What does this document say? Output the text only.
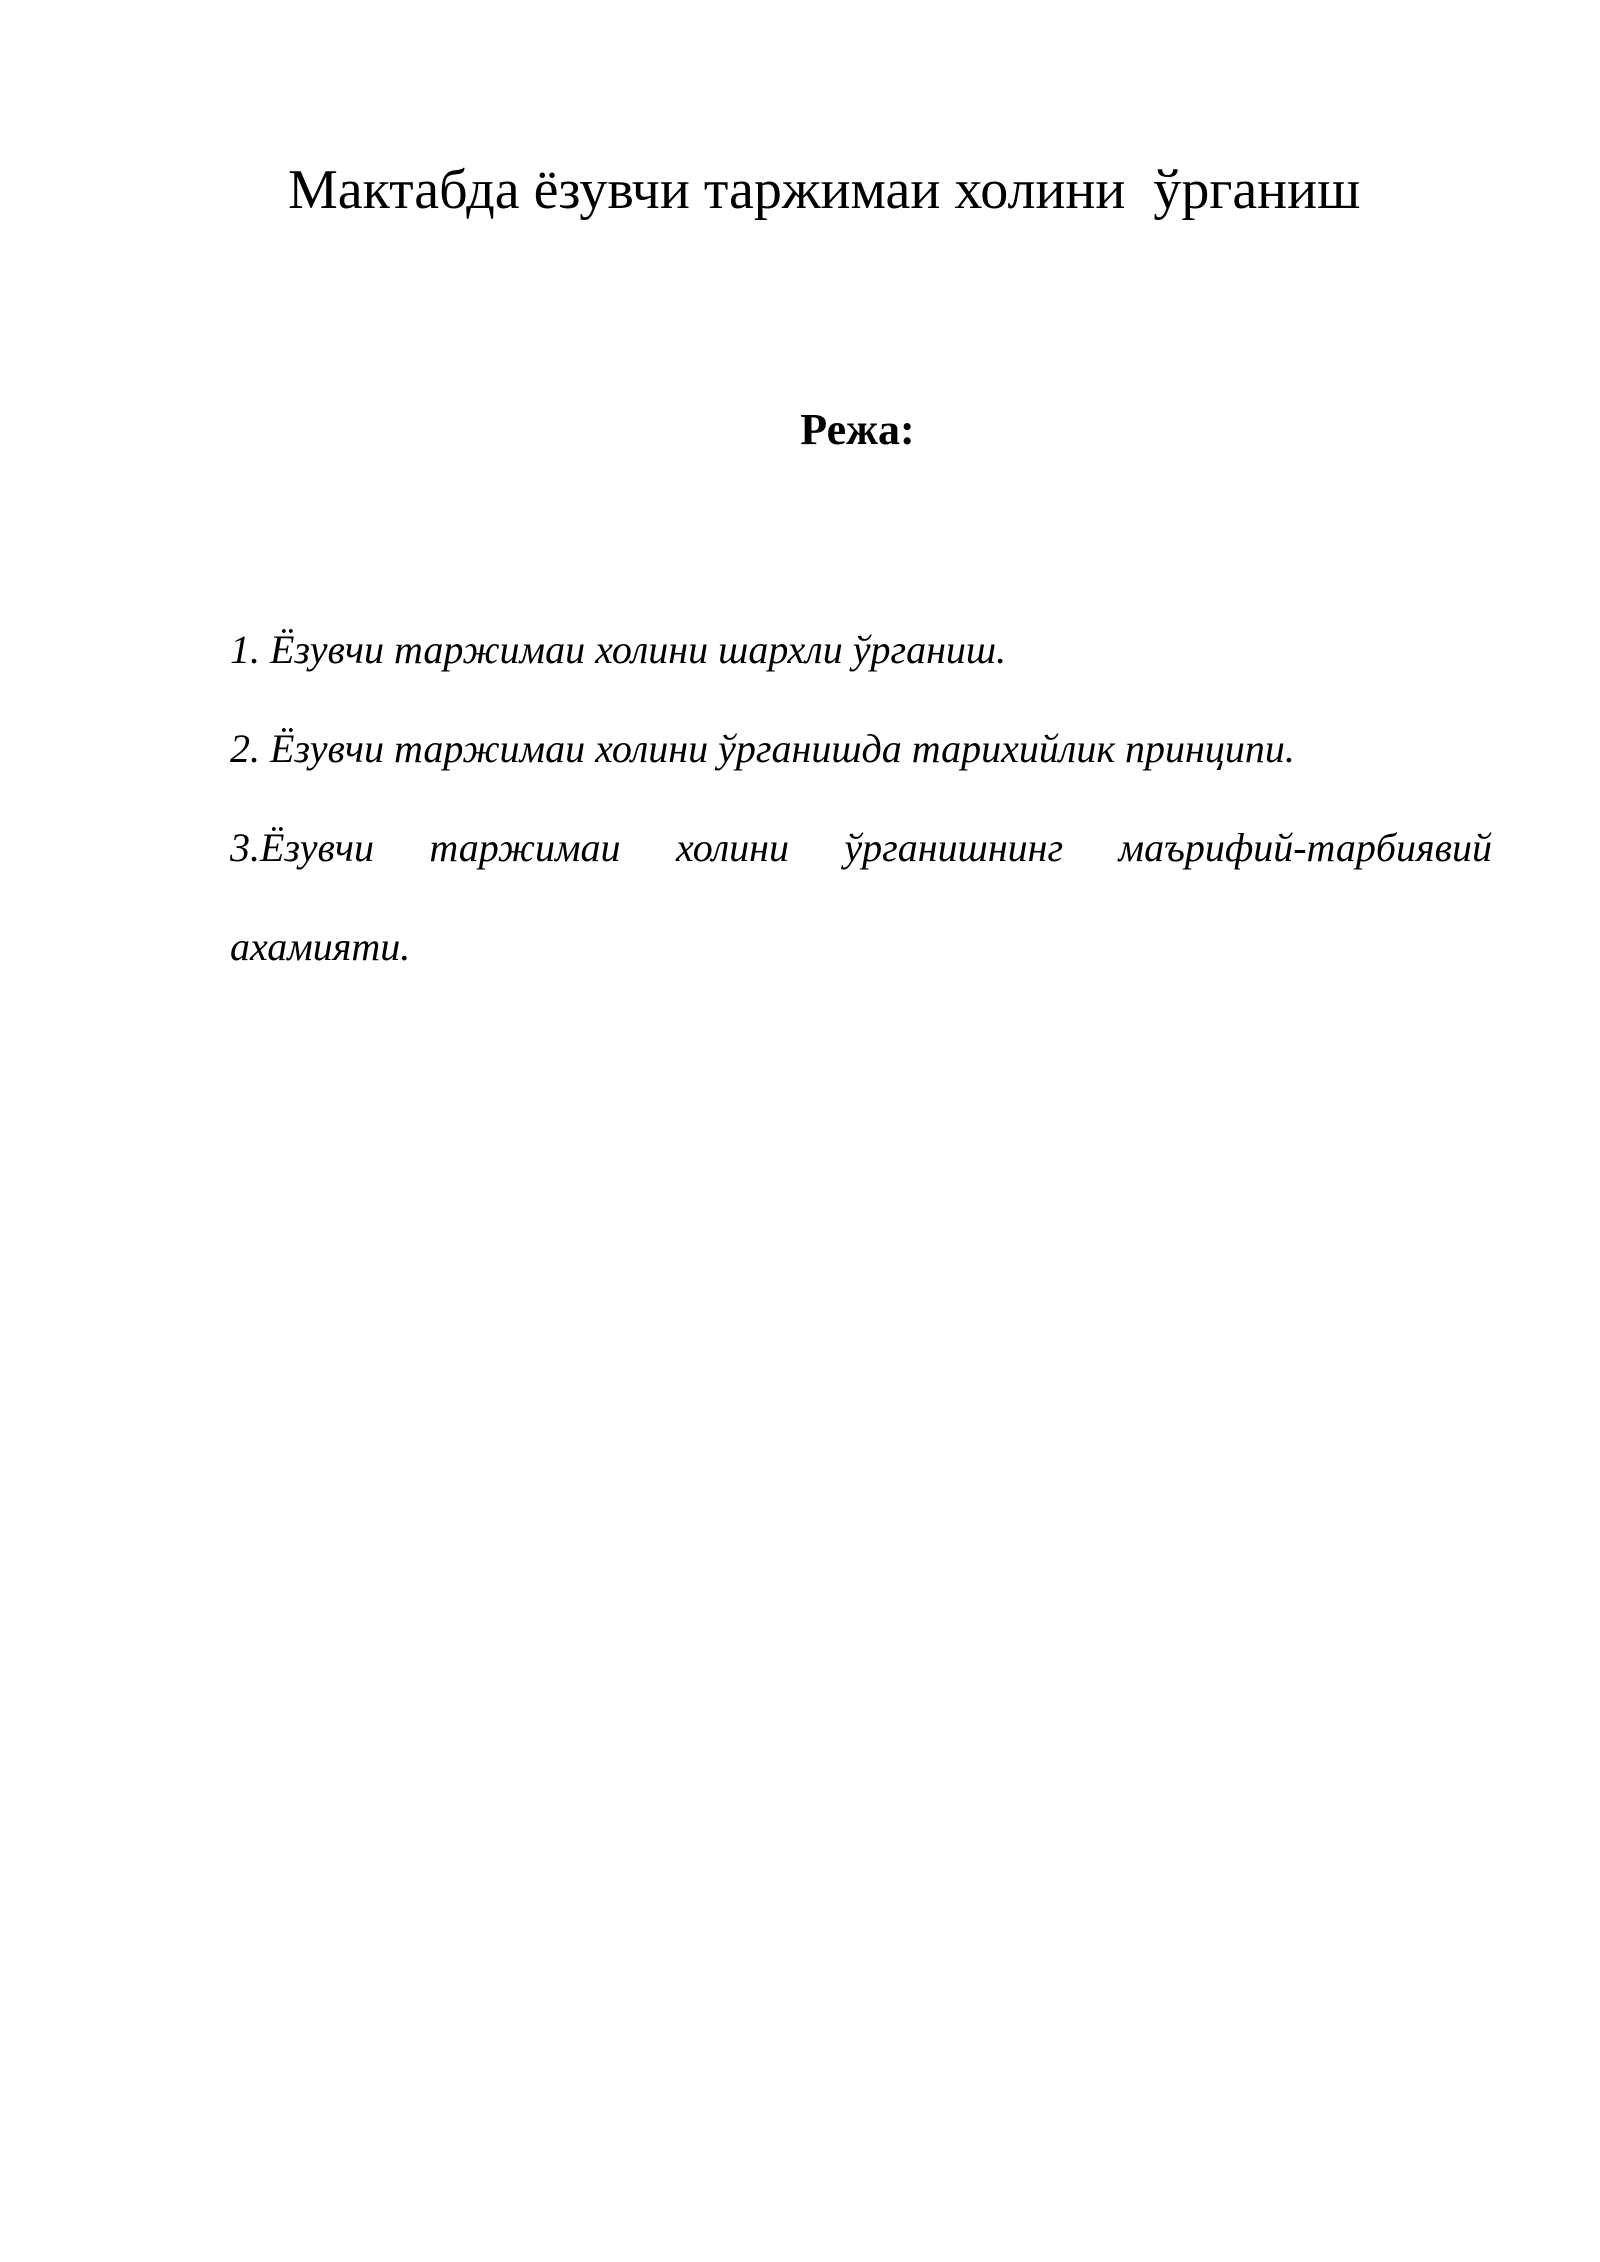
Мактабда ёзувчи таржимаи холини  ўрганиш
Режа:
1. Ёзувчи таржимаи холини шархли ўрганиш.
2. Ёзувчи таржимаи холини ўрганишда тарихийлик принципи.
3.Ёзувчи таржимаи холини ўрганишнинг маърифий-тарбиявий
ахамияти.
